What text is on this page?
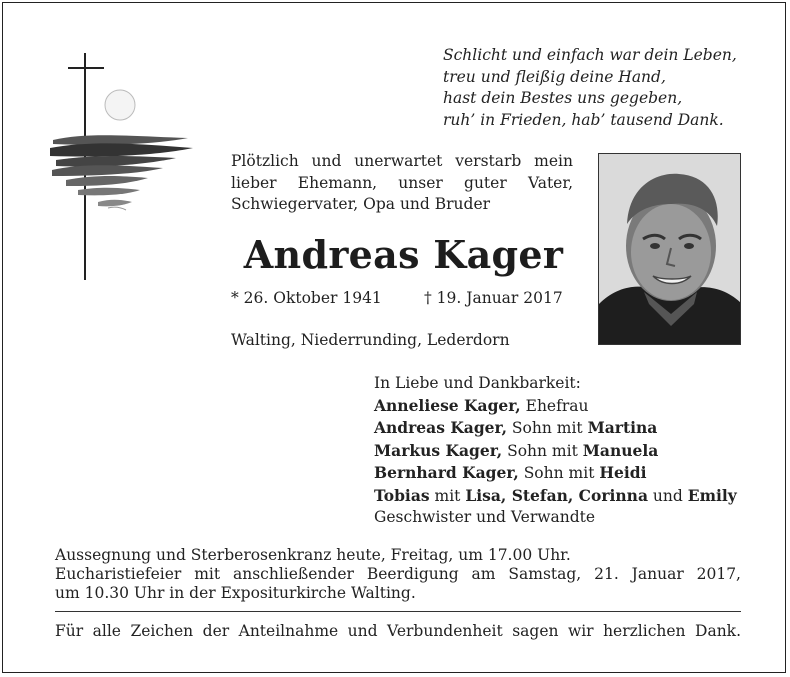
Schlicht und einfach war dein Leben,
treu und fleißig deine Hand,
hast dein Bestes uns gegeben,
ruh’ in Frieden, hab’ tausend Dank.
Plötzlich und unerwartet verstarb mein
lieber Ehemann, unser guter Vater,
Schwiegervater, Opa und Bruder
Andreas Kager
* 26. Oktober 1941	† 19. Januar 2017
Walting, Niederrunding, Lederdorn
In Liebe und Dankbarkeit:
Anneliese Kager, Ehefrau
Andreas Kager, Sohn mit Martina
Markus Kager, Sohn mit Manuela
Bernhard Kager, Sohn mit Heidi
Tobias mit Lisa, Stefan, Corinna und Emily
Geschwister und Verwandte
Aussegnung und Sterberosenkranz heute, Freitag, um 17.00 Uhr.
Eucharistiefeier mit anschließender Beerdigung am Samstag, 21. Januar 2017,
um 10.30 Uhr in der Expositurkirche Walting.
Für alle Zeichen der Anteilnahme und Verbundenheit sagen wir herzlichen Dank.
